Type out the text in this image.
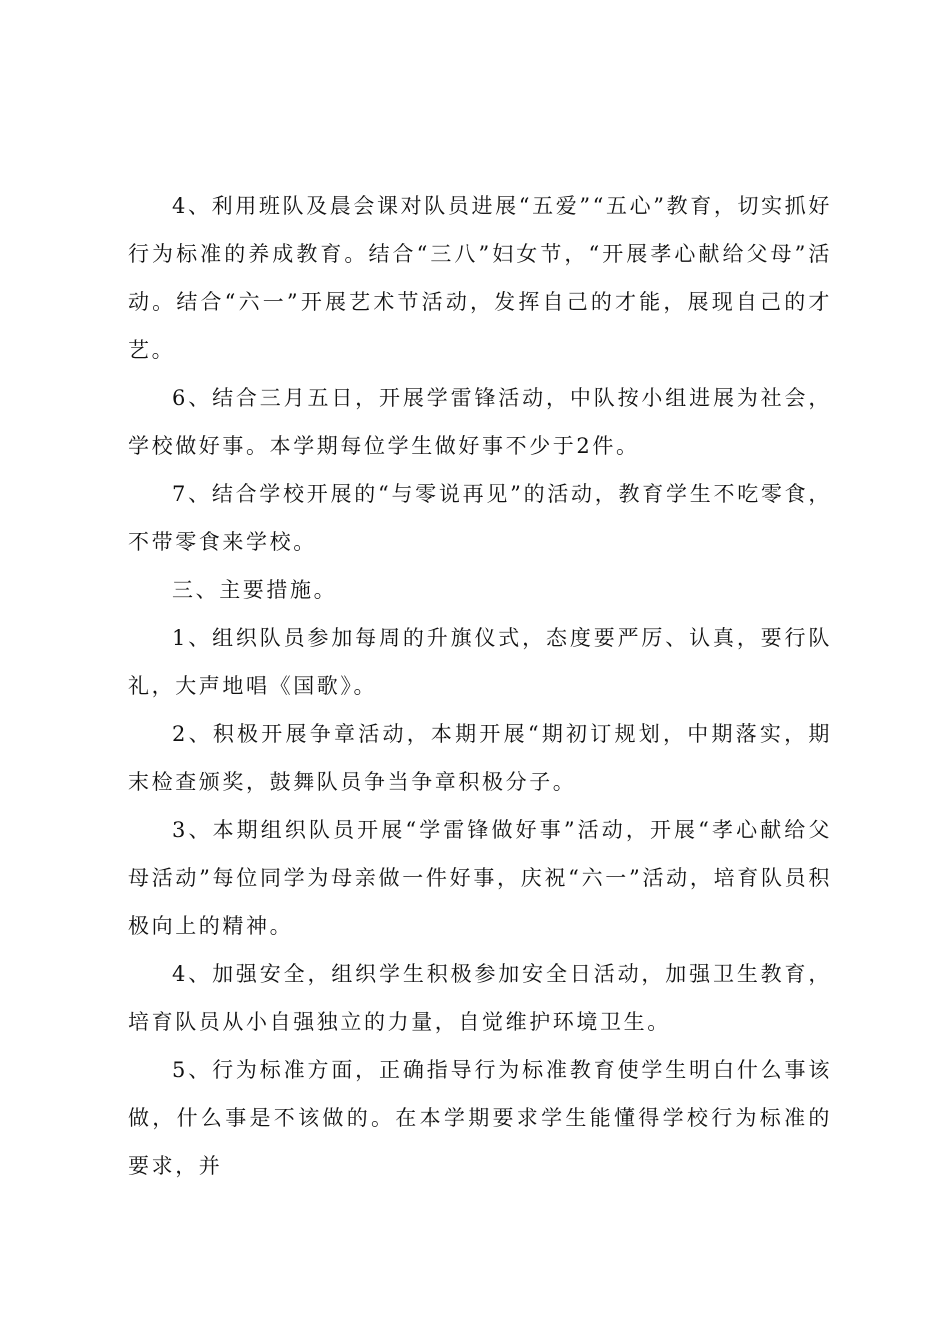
4、利用班队及晨会课对队员进展“五爱”“五心”教育，切实抓好行为标准的养成教育。结合“三八”妇女节，“开展孝心献给父母”活动。结合“六一”开展艺术节活动，发挥自己的才能，展现自己的才艺。

6、结合三月五日，开展学雷锋活动，中队按小组进展为社会，学校做好事。本学期每位学生做好事不少于2件。

7、结合学校开展的“与零说再见”的活动，教育学生不吃零食，不带零食来学校。

三、主要措施。

1、组织队员参加每周的升旗仪式，态度要严厉、认真，要行队礼，大声地唱《国歌》。

2、积极开展争章活动，本期开展“期初订规划，中期落实，期末检查颁奖，鼓舞队员争当争章积极分子。

3、本期组织队员开展“学雷锋做好事”活动，开展“孝心献给父母活动”每位同学为母亲做一件好事，庆祝“六一”活动，培育队员积极向上的精神。

4、加强安全，组织学生积极参加安全日活动，加强卫生教育，培育队员从小自强独立的力量，自觉维护环境卫生。

5、行为标准方面，正确指导行为标准教育使学生明白什么事该做，什么事是不该做的。在本学期要求学生能懂得学校行为标准的要求，并
